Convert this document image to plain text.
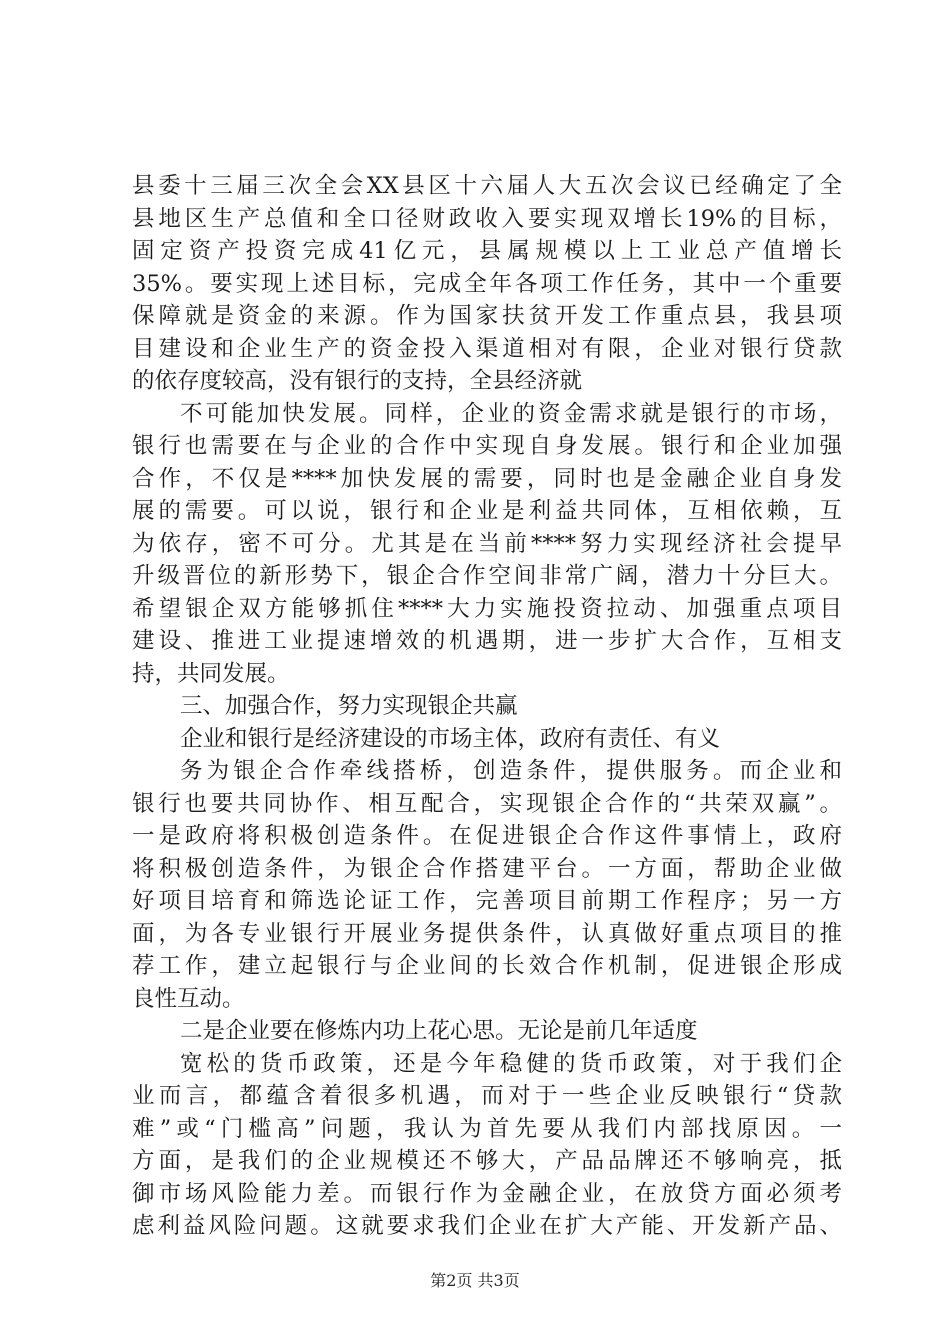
县委十三届三次全会XX县区十六届人大五次会议已经确定了全
县地区生产总值和全口径财政收入要实现双增长19%的目标，
固定资产投资完成41亿元，县属规模以上工业总产值增长
35%。要实现上述目标，完成全年各项工作任务，其中一个重要
保障就是资金的来源。作为国家扶贫开发工作重点县，我县项
目建设和企业生产的资金投入渠道相对有限，企业对银行贷款
的依存度较高，没有银行的支持，全县经济就
不可能加快发展。同样，企业的资金需求就是银行的市场，
银行也需要在与企业的合作中实现自身发展。银行和企业加强
合作，不仅是****加快发展的需要，同时也是金融企业自身发
展的需要。可以说，银行和企业是利益共同体，互相依赖，互
为依存，密不可分。尤其是在当前****努力实现经济社会提早
升级晋位的新形势下，银企合作空间非常广阔，潜力十分巨大。
希望银企双方能够抓住****大力实施投资拉动、加强重点项目
建设、推进工业提速增效的机遇期，进一步扩大合作，互相支
持，共同发展。
三、加强合作，努力实现银企共赢
企业和银行是经济建设的市场主体，政府有责任、有义
务为银企合作牵线搭桥，创造条件，提供服务。而企业和
银行也要共同协作、相互配合，实现银企合作的“共荣双赢”。
一是政府将积极创造条件。在促进银企合作这件事情上，政府
将积极创造条件，为银企合作搭建平台。一方面，帮助企业做
好项目培育和筛选论证工作，完善项目前期工作程序；另一方
面，为各专业银行开展业务提供条件，认真做好重点项目的推
荐工作，建立起银行与企业间的长效合作机制，促进银企形成
良性互动。
二是企业要在修炼内功上花心思。无论是前几年适度
宽松的货币政策，还是今年稳健的货币政策，对于我们企
业而言，都蕴含着很多机遇，而对于一些企业反映银行“贷款
难”或“门槛高”问题，我认为首先要从我们内部找原因。一
方面，是我们的企业规模还不够大，产品品牌还不够响亮，抵
御市场风险能力差。而银行作为金融企业，在放贷方面必须考
虑利益风险问题。这就要求我们企业在扩大产能、开发新产品、
第2页 共3页
